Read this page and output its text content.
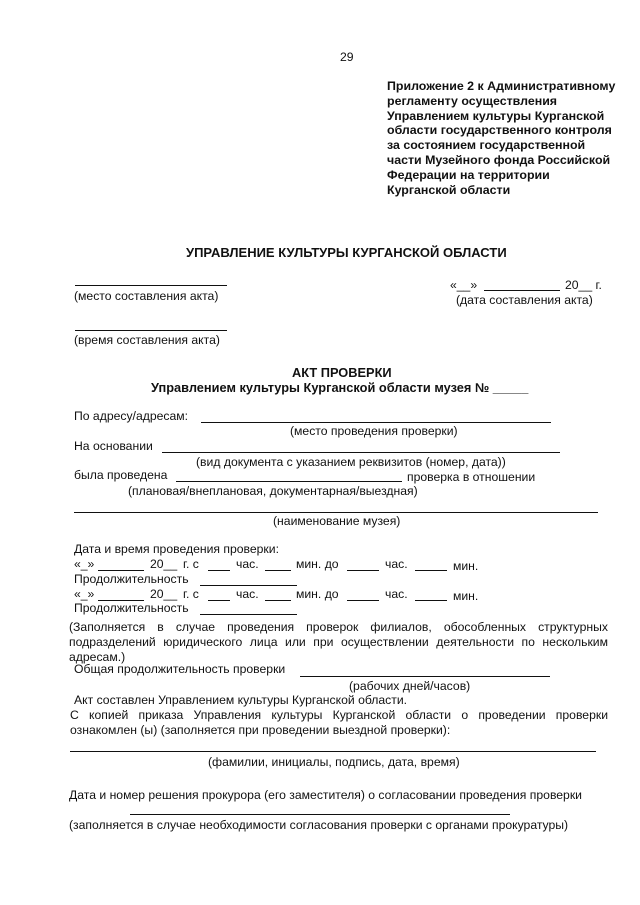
29
Приложение 2 к Административному регламенту осуществления Управлением культуры Курганской области государственного контроля за состоянием государственной части Музейного фонда Российской Федерации на территории Курганской области
УПРАВЛЕНИЕ КУЛЬТУРЫ КУРГАНСКОЙ ОБЛАСТИ
(место составления акта)
«__»	20__ г.
(дата составления акта)
(время составления акта)
АКТ ПРОВЕРКИ
Управлением культуры Курганской области музея № _____
По адресу/адресам:
(место проведения проверки)
На основании
(вид документа с указанием реквизитов (номер, дата))
была проведена	проверка в отношении
(плановая/внеплановая, документарная/выездная)
(наименование музея)
Дата и время проведения проверки:
«_»	20__ г. с	час.	мин. до	час.	мин.
Продолжительность
«_»	20__ г. с	час.	мин. до	час.	мин.
Продолжительность
(Заполняется в случае проведения проверок филиалов, обособленных структурных подразделений юридического лица или при осуществлении деятельности по нескольким адресам.)
Общая продолжительность проверки
(рабочих дней/часов)
Акт составлен Управлением культуры Курганской области.
С копией приказа Управления культуры Курганской области о проведении проверки ознакомлен (ы) (заполняется при проведении выездной проверки):
(фамилии, инициалы, подпись, дата, время)
Дата и номер решения прокурора (его заместителя) о согласовании проведения проверки
(заполняется в случае необходимости согласования проверки с органами прокуратуры)
